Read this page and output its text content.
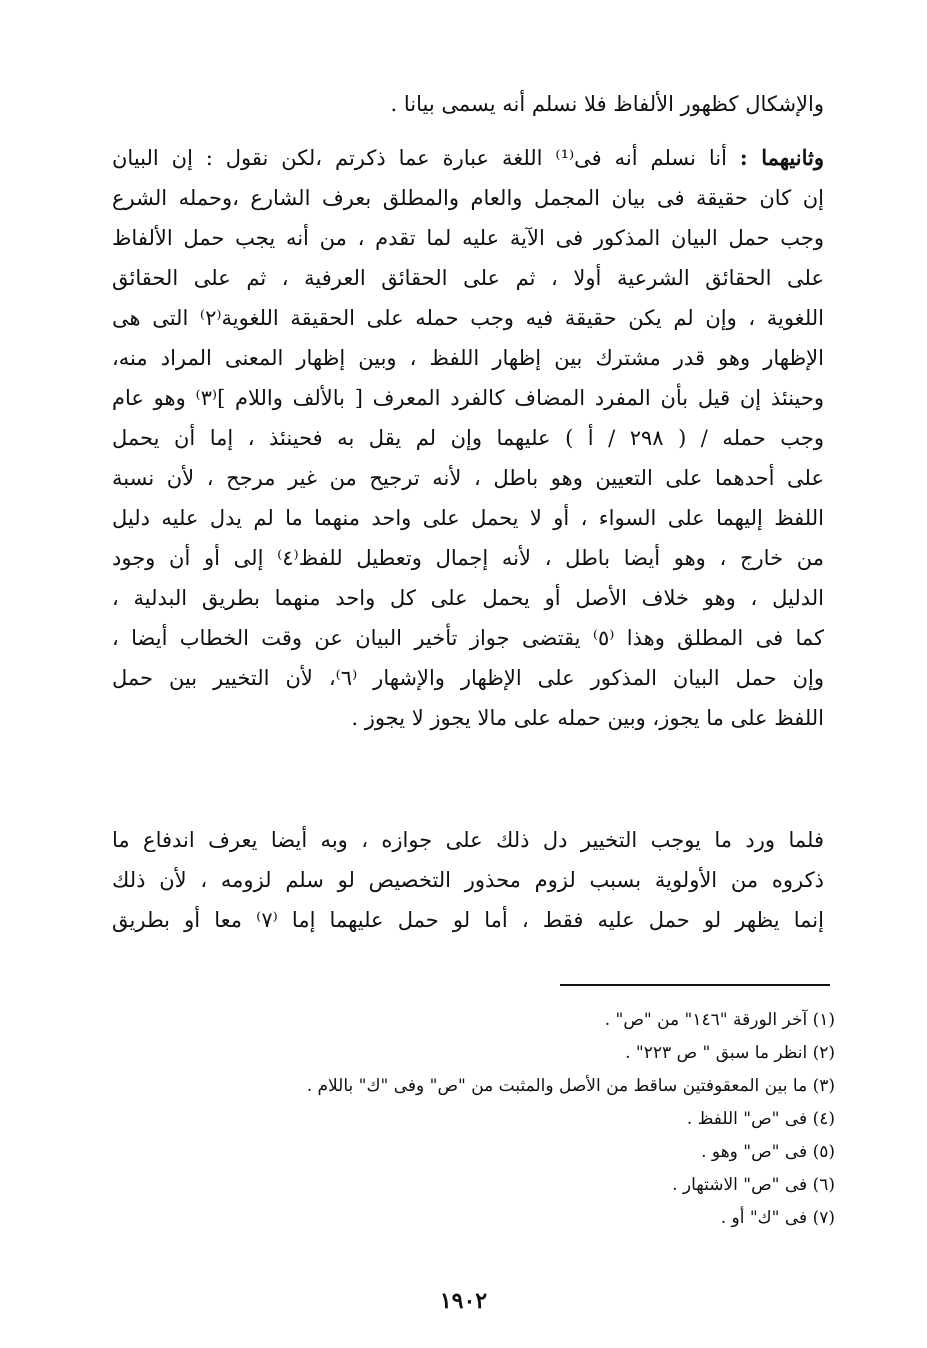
والإشكال كظهور الألفاظ فلا نسلم أنه يسمى بيانا .
وثانيهما : أنا نسلم أنه فى⁽¹⁾ اللغة عبارة عما ذكرتم ،لكن نقول : إن البيان
إن كان حقيقة فى بيان المجمل والعام والمطلق بعرف الشارع ،وحمله الشرع
وجب حمل البيان المذكور فى الآية عليه لما تقدم ، من أنه يجب حمل الألفاظ
على الحقائق الشرعية أولا ، ثم على الحقائق العرفية ، ثم على الحقائق
اللغوية ، وإن لم يكن حقيقة فيه وجب حمله على الحقيقة اللغوية⁽٢⁾ التى هى
الإظهار وهو قدر مشترك بين إظهار اللفظ ، وبين إظهار المعنى المراد منه،
وحينئذ إن قيل بأن المفرد المضاف كالفرد المعرف [ بالألف واللام ]⁽٣⁾ وهو عام
وجب حمله / ( ٢٩٨ / أ ) عليهما وإن لم يقل به فحينئذ ، إما أن يحمل
على أحدهما على التعيين وهو باطل ، لأنه ترجيح من غير مرجح ، لأن نسبة
اللفظ إليهما على السواء ، أو لا يحمل على واحد منهما ما لم يدل عليه دليل
من خارج ، وهو أيضا باطل ، لأنه إجمال وتعطيل للفظ⁽٤⁾ إلى أو أن وجود
الدليل ، وهو خلاف الأصل أو يحمل على كل واحد منهما بطريق البدلية ،
كما فى المطلق وهذا ⁽٥⁾ يقتضى جواز تأخير البيان عن وقت الخطاب أيضا ،
وإن حمل البيان المذكور على الإظهار والإشهار ⁽٦⁾، لأن التخيير بين حمل
اللفظ على ما يجوز، وبين حمله على مالا يجوز لا يجوز .
فلما ورد ما يوجب التخيير دل ذلك على جوازه ، وبه أيضا يعرف اندفاع ما
ذكروه من الأولوية بسبب لزوم محذور التخصيص لو سلم لزومه ، لأن ذلك
إنما يظهر لو حمل عليه فقط ، أما لو حمل عليهما إما ⁽٧⁾ معا أو بطريق
(١) آخر الورقة "١٤٦" من "ص" .
(٢) انظر ما سبق " ص ٢٢٣" .
(٣) ما بين المعقوفتين ساقط من الأصل والمثبت من "ص" وفى "ك" باللام .
(٤) فى "ص" اللفظ .
(٥) فى "ص" وهو .
(٦) فى "ص" الاشتهار .
(٧) فى "ك" أو .
١٩٠٢
